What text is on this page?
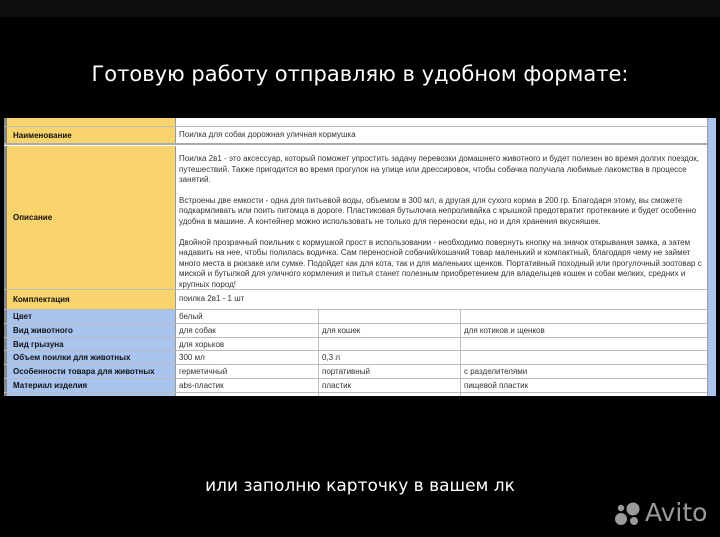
Готовую работу отправляю в удобном формате:
Наименование	Поилка для собак дорожная уличная кормушка
Описание

Поилка 2в1 - это аксессуар, который поможет упростить задачу перевозки домашнего животного и будет полезен во время долгих поездок, путешествий. Также пригодится во время прогулок на улице или дрессировок, чтобы собачка получала любимые лакомства в процессе занятий.

Встроены две емкости - одна для питьевой воды, объемом в 300 мл, а другая для сухого корма в 200 гр. Благодаря этому, вы сможете подкармливать или поить питомца в дороге. Пластиковая бутылочка непроливайка с крышкой предотвратит протекание и будет особенно удобна в машине. А контейнер можно использовать не только для переноски еды, но и для хранения вкусняшек.

Двойной прозрачный поильник с кормушкой прост в использовании - необходимо повернуть кнопку на значок открывания замка, а затем надавить на нее, чтобы полилась водичка. Сам переносной собачий/кошачий товар маленький и компактный, благодаря чему не займет много места в рюкзаке или сумке. Подойдет как для кота, так и для маленьких щенков. Портативный походный или прогулочный зоотовар с миской и бутылкой для уличного кормления и питья станет полезным приобретением для владельцев кошек и собак мелких, средних и крупных пород!

Комплектация	поилка 2в1 - 1 шт
Цвет	белый
Вид животного	для собак	для кошек	для котиков и щенков
Вид грызуна	для хорьков
Объем поилки для животных	300 мл	0,3 л
Особенности товара для животных	герметичный	портативный	с разделителями
Материал изделия	abs-пластик	пластик	пищевой пластик
или заполню карточку в вашем лк
Avito
